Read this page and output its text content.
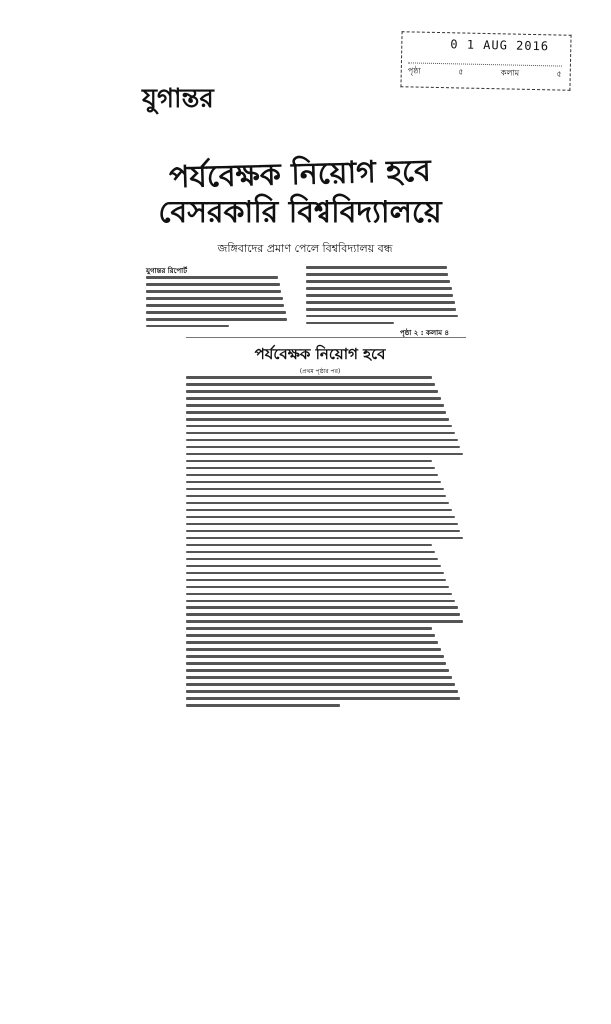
0 1 AUG 2016
পৃষ্ঠা	৫	কলাম	৫
যুগান্তর
পর্যবেক্ষক নিয়োগ হবে
বেসরকারি বিশ্ববিদ্যালয়ে
জঙ্গিবাদের প্রমাণ পেলে বিশ্ববিদ্যালয় বন্ধ
যুগান্তর রিপোর্ট
পৃষ্ঠা ২ : কলাম ৪
পর্যবেক্ষক নিয়োগ হবে
(প্রথম পৃষ্ঠার পর)
